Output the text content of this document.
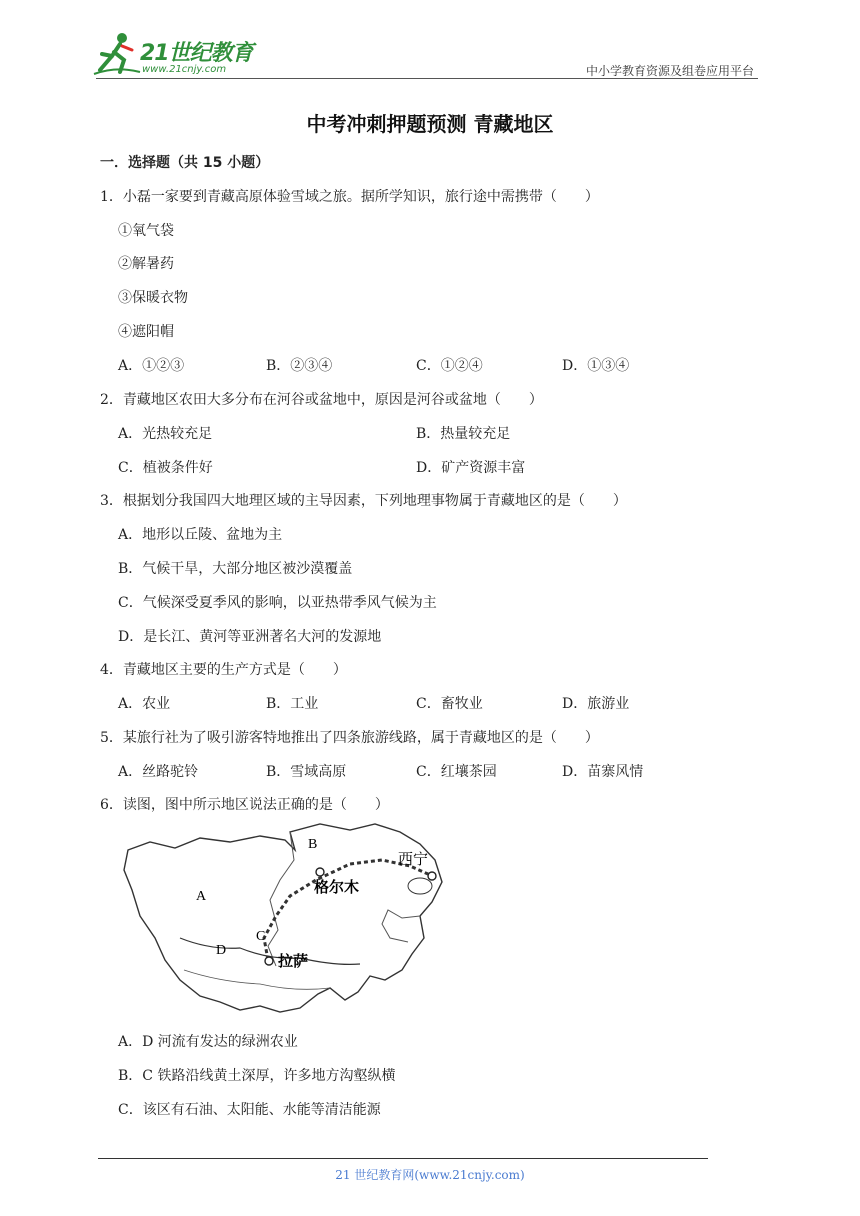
21世纪教育
www.21cnjy.com	中小学教育资源及组卷应用平台
中考冲刺押题预测 青藏地区
一．选择题（共 15 小题）
1．小磊一家要到青藏高原体验雪域之旅。据所学知识，旅行途中需携带（　　）
①氧气袋
②解暑药
③保暖衣物
④遮阳帽
A．①②③	B．②③④	C．①②④	D．①③④
2．青藏地区农田大多分布在河谷或盆地中，原因是河谷或盆地（　　）
A．光热较充足	B．热量较充足
C．植被条件好	D．矿产资源丰富
3．根据划分我国四大地理区域的主导因素，下列地理事物属于青藏地区的是（　　）
A．地形以丘陵、盆地为主
B．气候干旱，大部分地区被沙漠覆盖
C．气候深受夏季风的影响，以亚热带季风气候为主
D．是长江、黄河等亚洲著名大河的发源地
4．青藏地区主要的生产方式是（　　）
A．农业	B．工业	C．畜牧业	D．旅游业
5．某旅行社为了吸引游客特地推出了四条旅游线路，属于青藏地区的是（　　）
A．丝路驼铃	B．雪域高原	C．红壤茶园	D．苗寨风情
6．读图，图中所示地区说法正确的是（　　）
A
B
C
D
西宁
格尔木
拉萨
A．D 河流有发达的绿洲农业
B．C 铁路沿线黄土深厚，许多地方沟壑纵横
C．该区有石油、太阳能、水能等清洁能源
21 世纪教育网(www.21cnjy.com)
